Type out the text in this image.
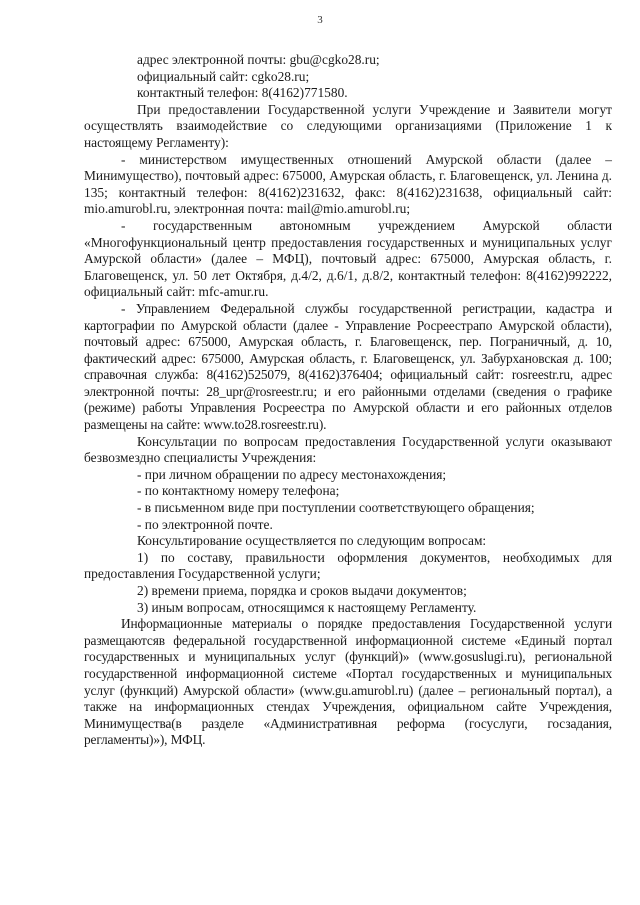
3

адрес электронной почты: gbu@cgko28.ru;

официальный сайт: cgko28.ru;

контактный телефон: 8(4162)771580.

При предоставлении Государственной услуги Учреждение и Заявители могут осуществлять взаимодействие со следующими организациями (Приложение 1 к настоящему Регламенту):

- министерством имущественных отношений Амурской области (далее – Минимущество), почтовый адрес: 675000, Амурская область, г. Благовещенск, ул. Ленина д. 135; контактный телефон: 8(4162)231632, факс: 8(4162)231638, официальный сайт: mio.amurobl.ru, электронная почта: mail@mio.amurobl.ru;

- государственным автономным учреждением Амурской области «Многофункциональный центр предоставления государственных и муниципальных услуг Амурской области» (далее – МФЦ), почтовый адрес: 675000, Амурская область, г. Благовещенск, ул. 50 лет Октября, д.4/2, д.6/1, д.8/2, контактный телефон: 8(4162)992222, официальный сайт: mfc-amur.ru.

- Управлением Федеральной службы государственной регистрации, кадастра и картографии по Амурской области (далее - Управление Росреестрапо Амурской области), почтовый адрес: 675000, Амурская область, г. Благовещенск, пер. Пограничный, д. 10, фактический адрес: 675000, Амурская область, г. Благовещенск, ул. Забурхановская д. 100; справочная служба: 8(4162)525079, 8(4162)376404; официальный сайт: rosreestr.ru, адрес электронной почты: 28_upr@rosreestr.ru; и его районными отделами (сведения о графике (режиме) работы Управления Росреестра по Амурской области и его районных отделов размещены на сайте: www.to28.rosreestr.ru).

Консультации по вопросам предоставления Государственной услуги оказывают безвозмездно специалисты Учреждения:

- при личном обращении по адресу местонахождения;

- по контактному номеру телефона;

- в письменном виде при поступлении соответствующего обращения;

- по электронной почте.

Консультирование осуществляется по следующим вопросам:

1) по составу, правильности оформления документов, необходимых для предоставления Государственной услуги;

2) времени приема, порядка и сроков выдачи документов;

3) иным вопросам, относящимся к настоящему Регламенту.

Информационные материалы о порядке предоставления Государственной услуги размещаютсяв федеральной государственной информационной системе «Единый портал государственных и муниципальных услуг (функций)» (www.gosuslugi.ru), региональной государственной информационной системе «Портал государственных и муниципальных услуг (функций) Амурской области» (www.gu.amurobl.ru) (далее – региональный портал), а также на информационных стендах Учреждения, официальном сайте Учреждения, Минимущества(в разделе «Административная реформа (госуслуги, госзадания, регламенты)»), МФЦ.
